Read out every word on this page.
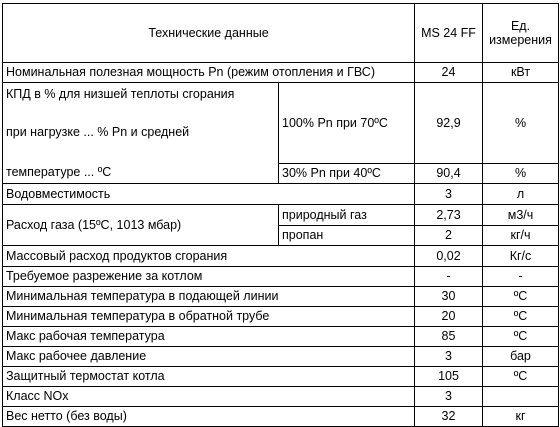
Технические данные		MS 24 FF	Ед.
измерения
Номинальная полезная мощность Pn (режим отопления и ГВС)		24	кВт

КПД в % для низшей теплоты сгорания
при нагрузке ... % Pn и средней
температуре ... ºС	100% Pn при 70ºС	92,9	%
	30% Pn при 40ºС	90,4	%
Водовместимость		3	л
Расход газа (15ºС, 1013 мбар)	природный газ	2,73	м3/ч
	пропан	2	кг/ч
Массовый расход продуктов сгорания		0,02	Кг/с
Требуемое разрежение за котлом		-	-
Минимальная температура в подающей линии		30	ºС
Минимальная температура в обратной трубе		20	ºС
Макс рабочая температура		85	ºС
Макс рабочее давление		3	бар
Защитный термостат котла		105	ºС
Класс NOx		3	
Вес нетто (без воды)		32	кг
